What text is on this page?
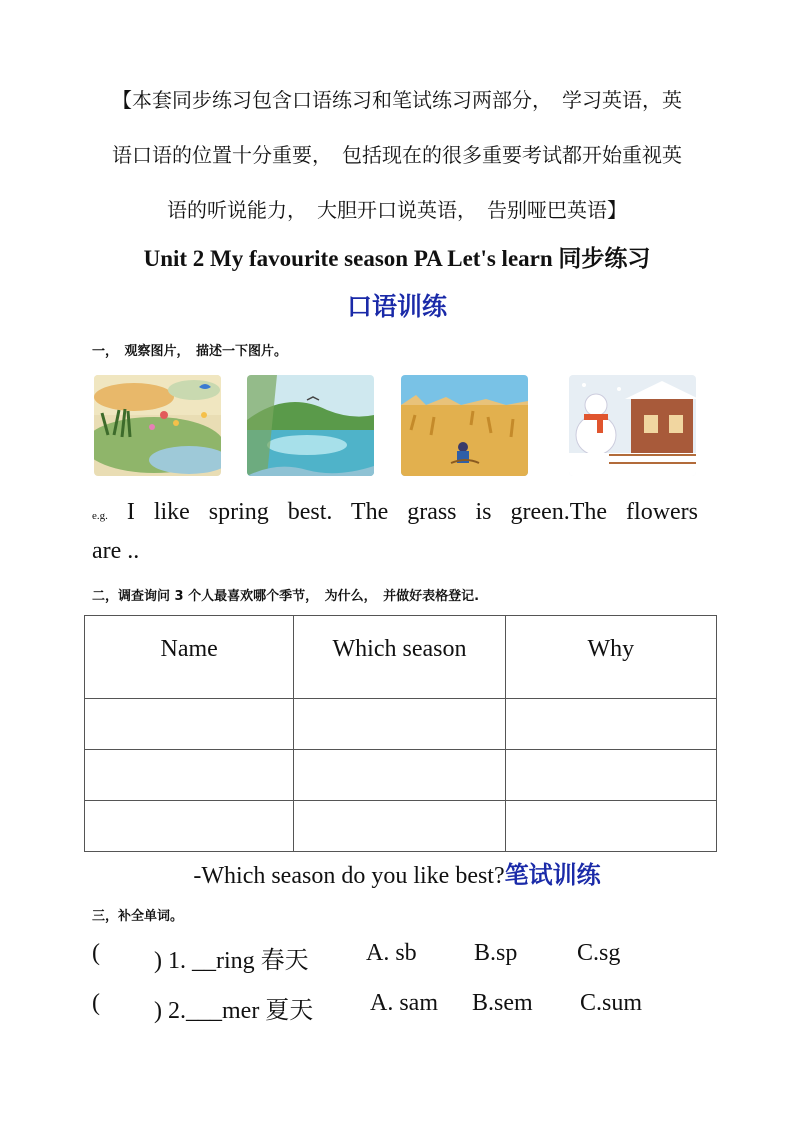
【本套同步练习包含口语练习和笔试练习两部分，　学习英语，英
语口语的位置十分重要，　包括现在的很多重要考试都开始重视英
语的听说能力，　大胆开口说英语，　告别哑巴英语】
Unit 2 My favourite season PA Let's learn 同步练习
口语训练
一，　观察图片，　描述一下图片。
e.g. I like spring best. The grass is green.The flowers
are ..
二，调查询问 3 个人最喜欢哪个季节，　为什么，　并做好表格登记.
Name	Which season	Why

-Which season do you like best?笔试训练
三，补全单词。
( ) 1. __ring 春天 A. sb B.sp C.sg
( ) 2.___mer 夏天 A. sam B.sem C.sum
